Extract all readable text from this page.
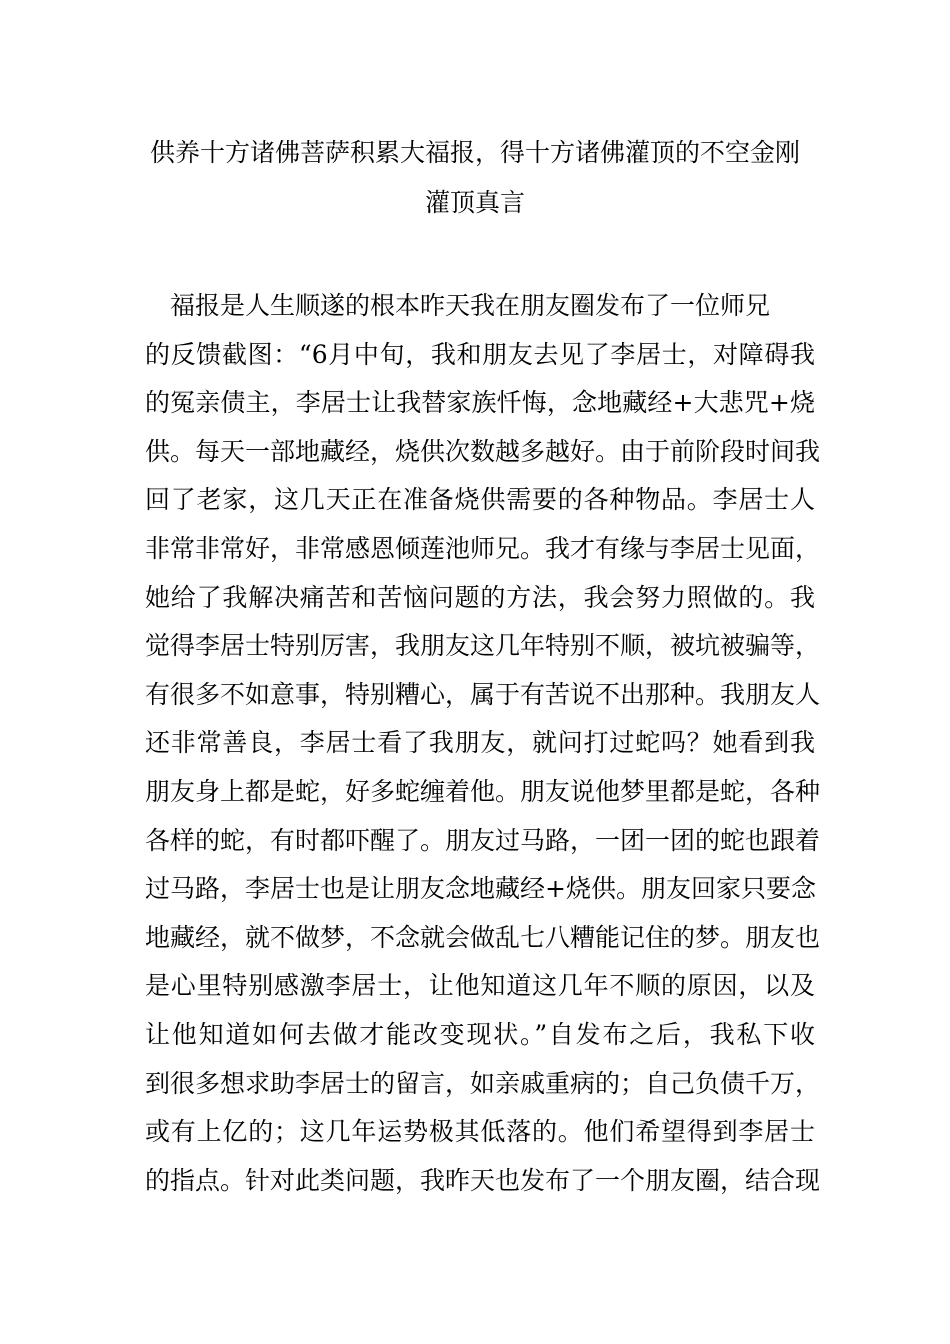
供养十方诸佛菩萨积累大福报，得十方诸佛灌顶的不空金刚
灌顶真言
福报是人生顺遂的根本昨天我在朋友圈发布了一位师兄
的反馈截图：“6月中旬，我和朋友去见了李居士，对障碍我
的冤亲债主，李居士让我替家族忏悔，念地藏经+大悲咒+烧
供。每天一部地藏经，烧供次数越多越好。由于前阶段时间我
回了老家，这几天正在准备烧供需要的各种物品。李居士人
非常非常好，非常感恩倾莲池师兄。我才有缘与李居士见面，
她给了我解决痛苦和苦恼问题的方法，我会努力照做的。我
觉得李居士特别厉害，我朋友这几年特别不顺，被坑被骗等，
有很多不如意事，特别糟心，属于有苦说不出那种。我朋友人
还非常善良，李居士看了我朋友，就问打过蛇吗？她看到我
朋友身上都是蛇，好多蛇缠着他。朋友说他梦里都是蛇，各种
各样的蛇，有时都吓醒了。朋友过马路，一团一团的蛇也跟着
过马路，李居士也是让朋友念地藏经+烧供。朋友回家只要念
地藏经，就不做梦，不念就会做乱七八糟能记住的梦。朋友也
是心里特别感激李居士，让他知道这几年不顺的原因，以及
让他知道如何去做才能改变现状。”自发布之后，我私下收
到很多想求助李居士的留言，如亲戚重病的；自己负债千万，
或有上亿的；这几年运势极其低落的。他们希望得到李居士
的指点。针对此类问题，我昨天也发布了一个朋友圈，结合现
